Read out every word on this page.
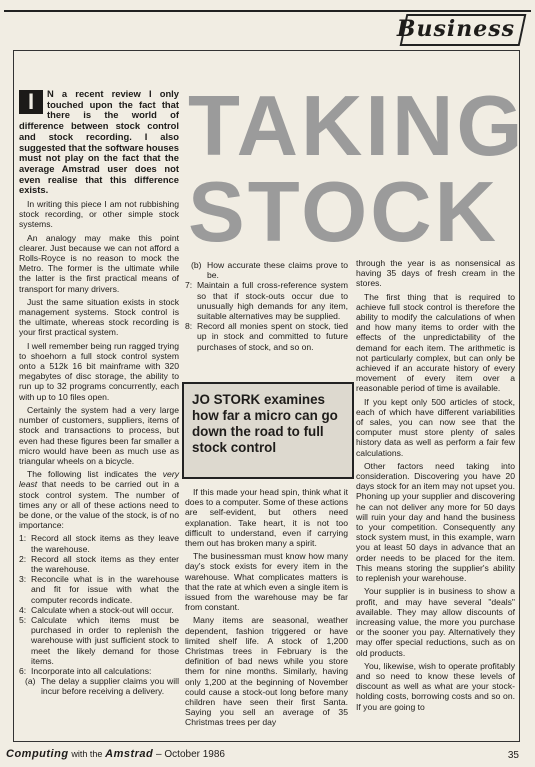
Business
TAKING
STOCK

I	N a recent review I only touched upon the fact that there is the world of difference between stock control and stock recording. I also suggested that the software houses must not play on the fact that the average Amstrad user does not even realise that this difference exists.

In writing this piece I am not rubbishing stock recording, or other simple stock systems.

An analogy may make this point clearer. Just because we can not afford a Rolls-Royce is no reason to mock the Metro. The former is the ultimate while the latter is the first practical means of transport for many drivers.

Just the same situation exists in stock management systems. Stock control is the ultimate, whereas stock recording is your first practical system.

I well remember being run ragged trying to shoehorn a full stock control system onto a 512k 16 bit mainframe with 320 megabytes of disc storage, the ability to run up to 32 programs concurrently, each with up to 10 files open.

Certainly the system had a very large number of customers, suppliers, items of stock and transactions to process, but even had these figures been far smaller a micro would have been as much use as triangular wheels on a bicycle.

The following list indicates the very least that needs to be carried out in a stock control system. The number of times any or all of these actions need to be done, or the value of the stock, is of no importance:

1: Record all stock items as they leave the warehouse.
2: Record all stock items as they enter the warehouse.
3: Reconcile what is in the warehouse and fit for issue with what the computer records indicate.
4: Calculate when a stock-out will occur.
5: Calculate which items must be purchased in order to replenish the warehouse with just sufficient stock to meet the likely demand for those items.
6: Incorporate into all calculations:
(a) The delay a supplier claims you will incur before receiving a delivery.
(b) How accurate these claims prove to be.
7: Maintain a full cross-reference system so that if stock-outs occur due to unusually high demands for any item, suitable alternatives may be supplied.
8: Record all monies spent on stock, tied up in stock and committed to future purchases of stock, and so on.
JO STORK examines how far a micro can go down the road to full stock control

If this made your head spin, think what it does to a computer. Some of these actions are self-evident, but others need explanation. Take heart, it is not too difficult to understand, even if carrying them out has broken many a spirit.

The businessman must know how many day's stock exists for every item in the warehouse. What complicates matters is that the rate at which even a single item is issued from the warehouse may be far from constant.

Many items are seasonal, weather dependent, fashion triggered or have limited shelf life. A stock of 1,200 Christmas trees in February is the definition of bad news while you store them for nine months. Similarly, having only 1,200 at the beginning of November could cause a stock-out long before many children have seen their first Santa. Saying you sell an average of 35 Christmas trees per day

through the year is as nonsensical as having 35 days of fresh cream in the stores.

The first thing that is required to achieve full stock control is therefore the ability to modify the calculations of when and how many items to order with the effects of the unpredictability of the demand for each item. The arithmetic is not particularly complex, but can only be achieved if an accurate history of every movement of every item over a reasonable period of time is available.

If you kept only 500 articles of stock, each of which have different variabilities of sales, you can now see that the computer must store plenty of sales history data as well as perform a fair few calculations.

Other factors need taking into consideration. Discovering you have 20 days stock for an item may not upset you. Phoning up your supplier and discovering he can not deliver any more for 50 days will ruin your day and hand the business to your competition. Consequently any stock system must, in this example, warn you at least 50 days in advance that an order needs to be placed for the item. This means storing the supplier's ability to replenish your warehouse.

Your supplier is in business to show a profit, and may have several "deals" available. They may allow discounts of increasing value, the more you purchase or the sooner you pay. Alternatively they may offer special reductions, such as on old products.

You, likewise, wish to operate profitably and so need to know these levels of discount as well as what are your stock-holding costs, borrowing costs and so on. If you are going to

Computing with the Amstrad – October 1986	35
